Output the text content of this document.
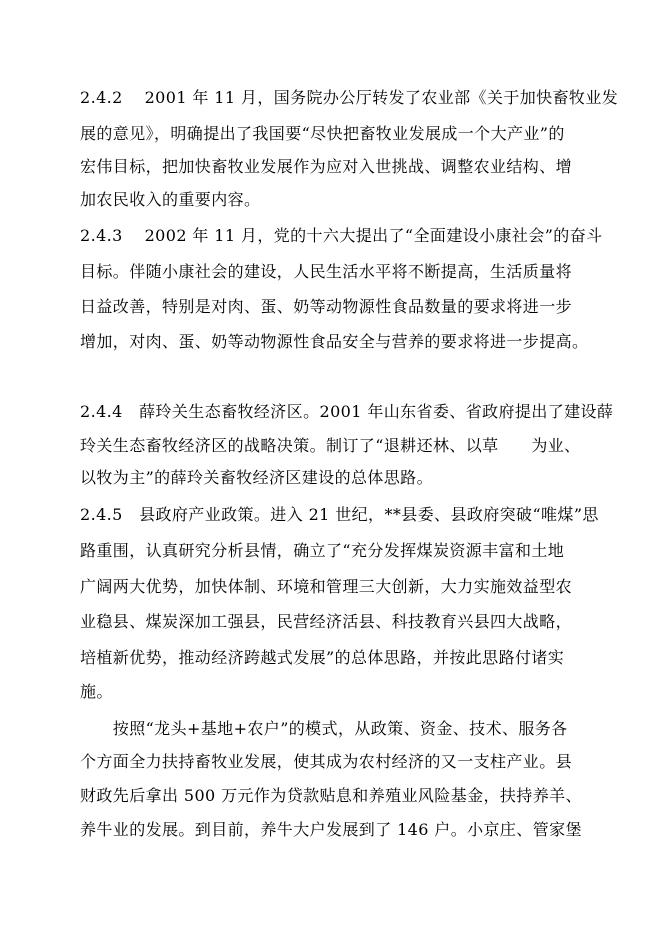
2.4.2　 2001 年 11 月，国务院办公厅转发了农业部《关于加快畜牧业发
展的意见》，明确提出了我国要“尽快把畜牧业发展成一个大产业”的
宏伟目标，把加快畜牧业发展作为应对入世挑战、调整农业结构、增
加农民收入的重要内容。
2.4.3　 2002 年 11 月，党的十六大提出了“全面建设小康社会”的奋斗
目标。伴随小康社会的建设，人民生活水平将不断提高，生活质量将
日益改善，特别是对肉、蛋、奶等动物源性食品数量的要求将进一步
增加，对肉、蛋、奶等动物源性食品安全与营养的要求将进一步提高。
2.4.4　薛玲关生态畜牧经济区。2001 年山东省委、省政府提出了建设薛
玲关生态畜牧经济区的战略决策。制订了“退耕还林、以草　　为业、
以牧为主”的薛玲关畜牧经济区建设的总体思路。
2.4.5　县政府产业政策。进入 21 世纪，**县委、县政府突破“唯煤”思
路重围，认真研究分析县情，确立了“充分发挥煤炭资源丰富和土地
广阔两大优势，加快体制、环境和管理三大创新，大力实施效益型农
业稳县、煤炭深加工强县，民营经济活县、科技教育兴县四大战略，
培植新优势，推动经济跨越式发展”的总体思路，并按此思路付诸实
施。
　　按照“龙头+基地+农户”的模式，从政策、资金、技术、服务各
个方面全力扶持畜牧业发展，使其成为农村经济的又一支柱产业。县
财政先后拿出 500 万元作为贷款贴息和养殖业风险基金，扶持养羊、
养牛业的发展。到目前，养牛大户发展到了 146 户。小京庄、管家堡
